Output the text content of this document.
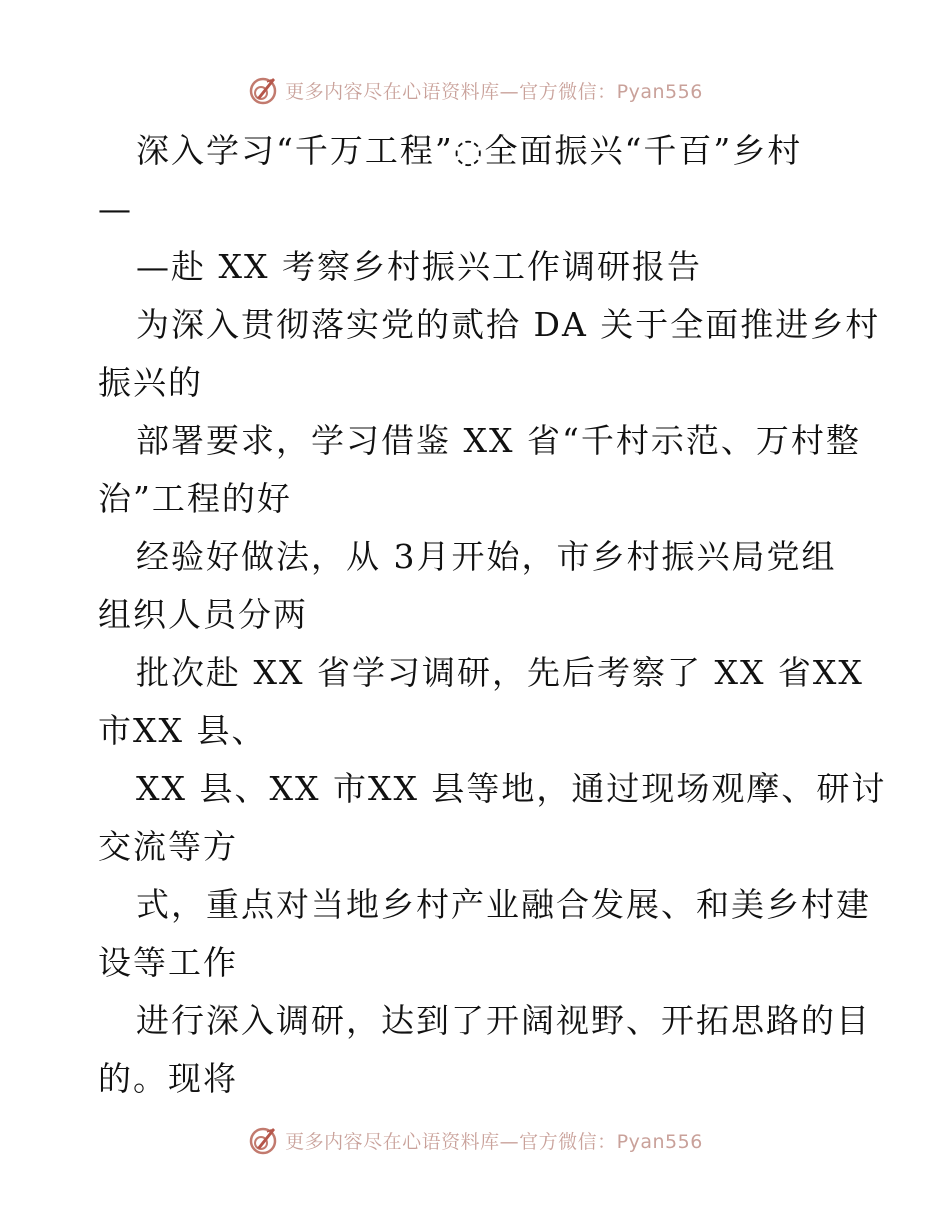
更多内容尽在心语资料库—官方微信：Pyan556
深入学习“千万工程”◌全面振兴“千百”乡村
—
—赴 XX 考察乡村振兴工作调研报告
为深入贯彻落实党的贰拾 DA 关于全面推进乡村
振兴的
部署要求，学习借鉴 XX 省“千村示范、万村整
治”工程的好
经验好做法，从 3月开始，市乡村振兴局党组
组织人员分两
批次赴 XX 省学习调研，先后考察了 XX 省XX
市XX 县、
XX 县、XX 市XX 县等地，通过现场观摩、研讨
交流等方
式，重点对当地乡村产业融合发展、和美乡村建
设等工作
进行深入调研，达到了开阔视野、开拓思路的目
的。现将
更多内容尽在心语资料库—官方微信：Pyan556
